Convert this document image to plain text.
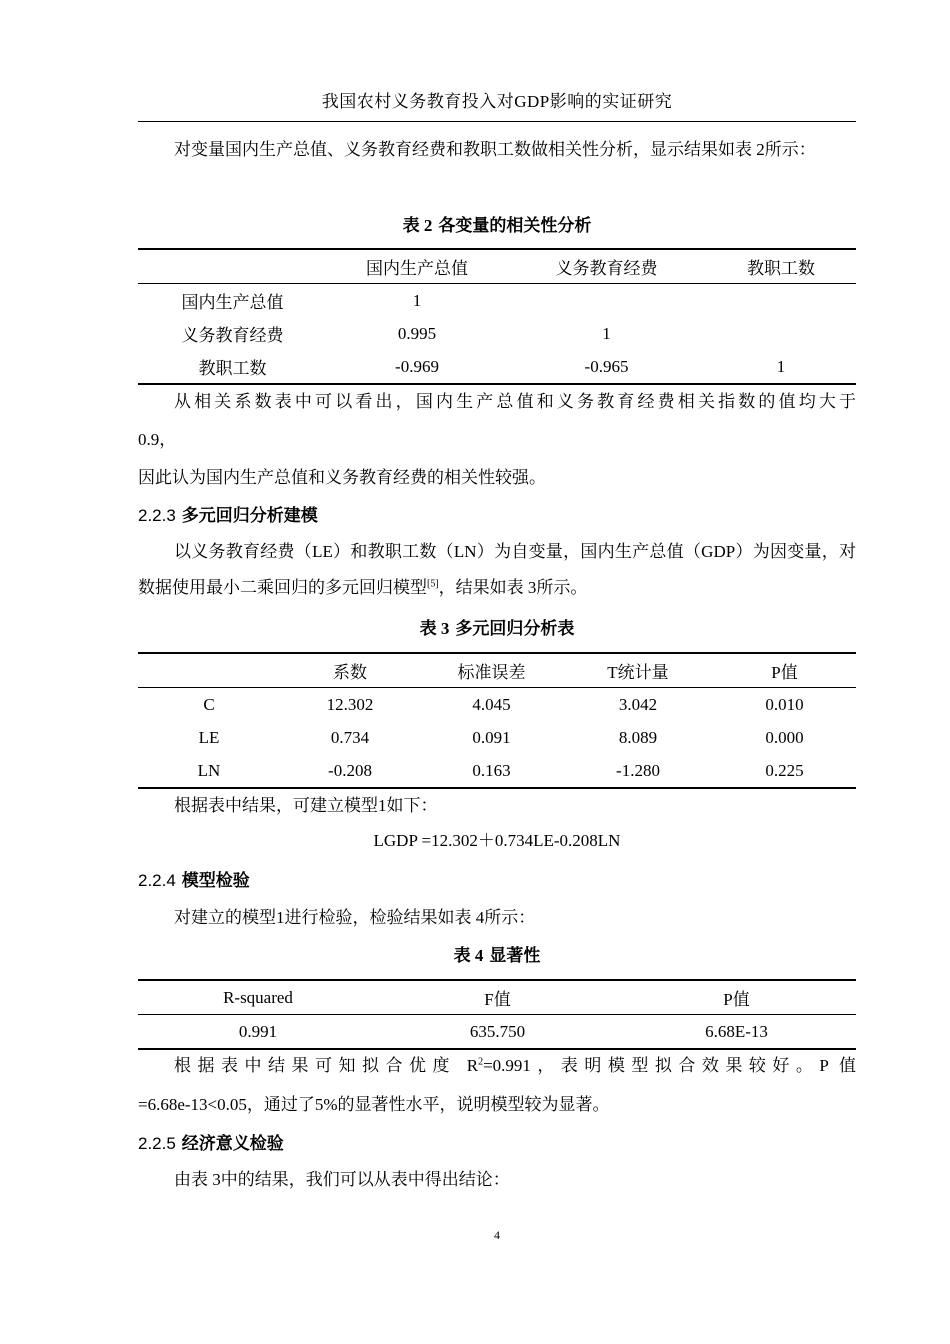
我国农村义务教育投入对GDP影响的实证研究
对变量国内生产总值、义务教育经费和教职工数做相关性分析，显示结果如表 2所示：
表 2 各变量的相关性分析
	国内生产总值	义务教育经费	教职工数
国内生产总值	1		
义务教育经费	0.995	1	
教职工数	-0.969	-0.965	1
从相关系数表中可以看出，国内生产总值和义务教育经费相关指数的值均大于
0.9，
因此认为国内生产总值和义务教育经费的相关性较强。
2.2.3 多元回归分析建模
以义务教育经费（LE）和教职工数（LN）为自变量，国内生产总值（GDP）为因变量，对数据使用最小二乘回归的多元回归模型[5]，结果如表 3所示。
表 3 多元回归分析表
	系数	标准误差	T统计量	P值
C	12.302	4.045	3.042	0.010
LE	0.734	0.091	8.089	0.000
LN	-0.208	0.163	-1.280	0.225
根据表中结果，可建立模型1如下：
LGDP =12.302＋0.734LE-0.208LN
2.2.4 模型检验
对建立的模型1进行检验，检验结果如表 4所示：
表 4 显著性
R-squared	F值	P值
0.991	635.750	6.68E-13
根据表中结果可知拟合优度 $R^2=0.991$，表明模型拟合效果较好。P 值
=6.68e-13<0.05，通过了5%的显著性水平，说明模型较为显著。
2.2.5 经济意义检验
由表 3中的结果，我们可以从表中得出结论：
4
